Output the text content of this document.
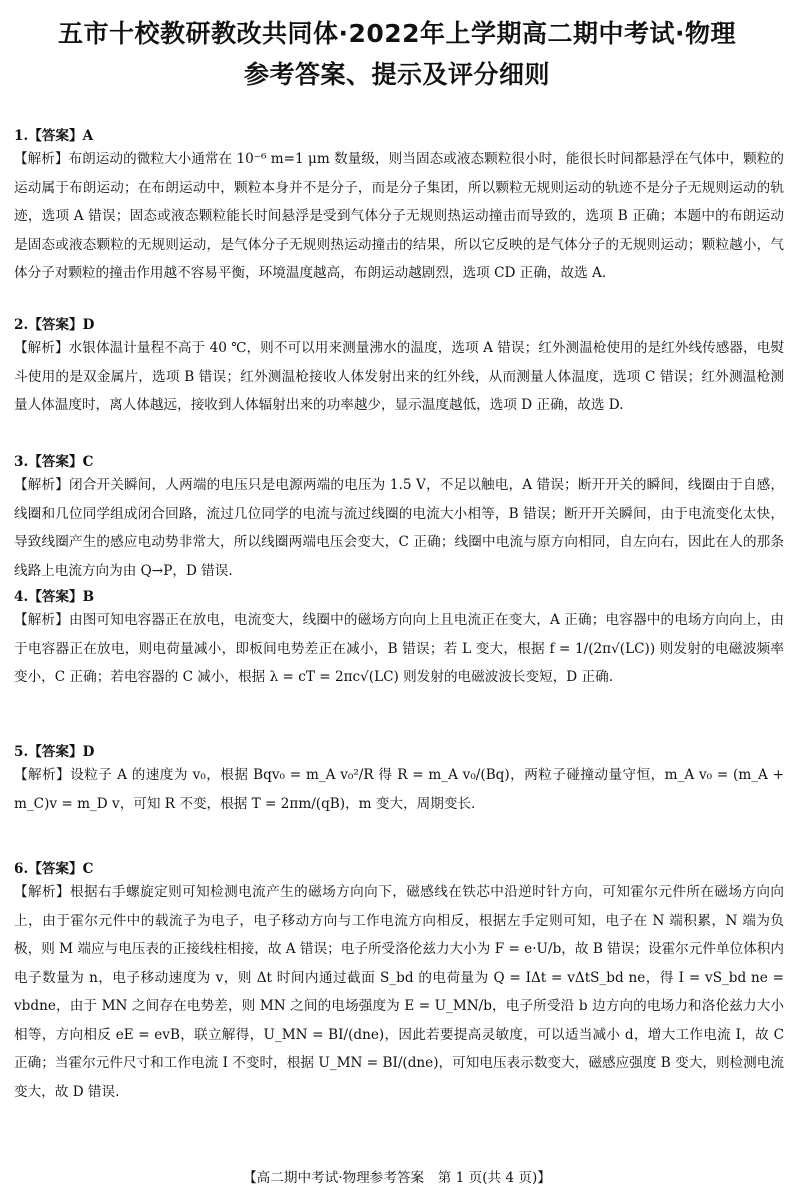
五市十校教研教改共同体·2022年上学期高二期中考试·物理
参考答案、提示及评分细则
1.【答案】A
【解析】布朗运动的微粒大小通常在 10⁻⁶ m=1 μm 数量级，则当固态或液态颗粒很小时，能很长时间都悬浮在气体中，颗粒的运动属于布朗运动；在布朗运动中，颗粒本身并不是分子，而是分子集团，所以颗粒无规则运动的轨迹不是分子无规则运动的轨迹，选项 A 错误；固态或液态颗粒能长时间悬浮是受到气体分子无规则热运动撞击而导致的，选项 B 正确；本题中的布朗运动是固态或液态颗粒的无规则运动，是气体分子无规则热运动撞击的结果，所以它反映的是气体分子的无规则运动；颗粒越小，气体分子对颗粒的撞击作用越不容易平衡，环境温度越高，布朗运动越剧烈，选项 CD 正确，故选 A.
2.【答案】D
【解析】水银体温计量程不高于 40 ℃，则不可以用来测量沸水的温度，选项 A 错误；红外测温枪使用的是红外线传感器，电熨斗使用的是双金属片，选项 B 错误；红外测温枪接收人体发射出来的红外线，从而测量人体温度，选项 C 错误；红外测温枪测量人体温度时，离人体越远，接收到人体辐射出来的功率越少，显示温度越低，选项 D 正确，故选 D.
3.【答案】C
【解析】闭合开关瞬间，人两端的电压只是电源两端的电压为 1.5 V，不足以触电，A 错误；断开开关的瞬间，线圈由于自感，线圈和几位同学组成闭合回路，流过几位同学的电流与流过线圈的电流大小相等，B 错误；断开开关瞬间，由于电流变化太快，导致线圈产生的感应电动势非常大，所以线圈两端电压会变大，C 正确；线圈中电流与原方向相同，自左向右，因此在人的那条线路上电流方向为由 Q→P，D 错误.
4.【答案】B
【解析】由图可知电容器正在放电，电流变大，线圈中的磁场方向向上且电流正在变大，A 正确；电容器中的电场方向向上，由于电容器正在放电，则电荷量减小，即板间电势差正在减小，B 错误；若 L 变大，根据 f = 1/(2π√(LC)) 则发射的电磁波频率变小，C 正确；若电容器的 C 减小，根据 λ = cT = 2πc√(LC) 则发射的电磁波波长变短，D 正确.
5.【答案】D
【解析】设粒子 A 的速度为 v₀，根据 Bqv₀ = m_A v₀²/R 得 R = m_A v₀/(Bq)，两粒子碰撞动量守恒，m_A v₀ = (m_A + m_C)v = m_D v，可知 R 不变，根据 T = 2πm/(qB)，m 变大，周期变长.
6.【答案】C
【解析】根据右手螺旋定则可知检测电流产生的磁场方向向下，磁感线在铁芯中沿逆时针方向，可知霍尔元件所在磁场方向向上，由于霍尔元件中的载流子为电子，电子移动方向与工作电流方向相反，根据左手定则可知，电子在 N 端积累，N 端为负极，则 M 端应与电压表的正接线柱相接，故 A 错误；电子所受洛伦兹力大小为 F = e·U/b，故 B 错误；设霍尔元件单位体积内电子数量为 n，电子移动速度为 v，则 Δt 时间内通过截面 S_bd 的电荷量为 Q = IΔt = vΔtS_bd ne，得 I = vS_bd ne = vbdne，由于 MN 之间存在电势差，则 MN 之间的电场强度为 E = U_MN/b，电子所受沿 b 边方向的电场力和洛伦兹力大小相等，方向相反 eE = evB，联立解得，U_MN = BI/(dne)，因此若要提高灵敏度，可以适当减小 d，增大工作电流 I，故 C 正确；当霍尔元件尺寸和工作电流 I 不变时，根据 U_MN = BI/(dne)，可知电压表示数变大，磁感应强度 B 变大，则检测电流变大，故 D 错误.
【高二期中考试·物理参考答案　第 1 页(共 4 页)】
